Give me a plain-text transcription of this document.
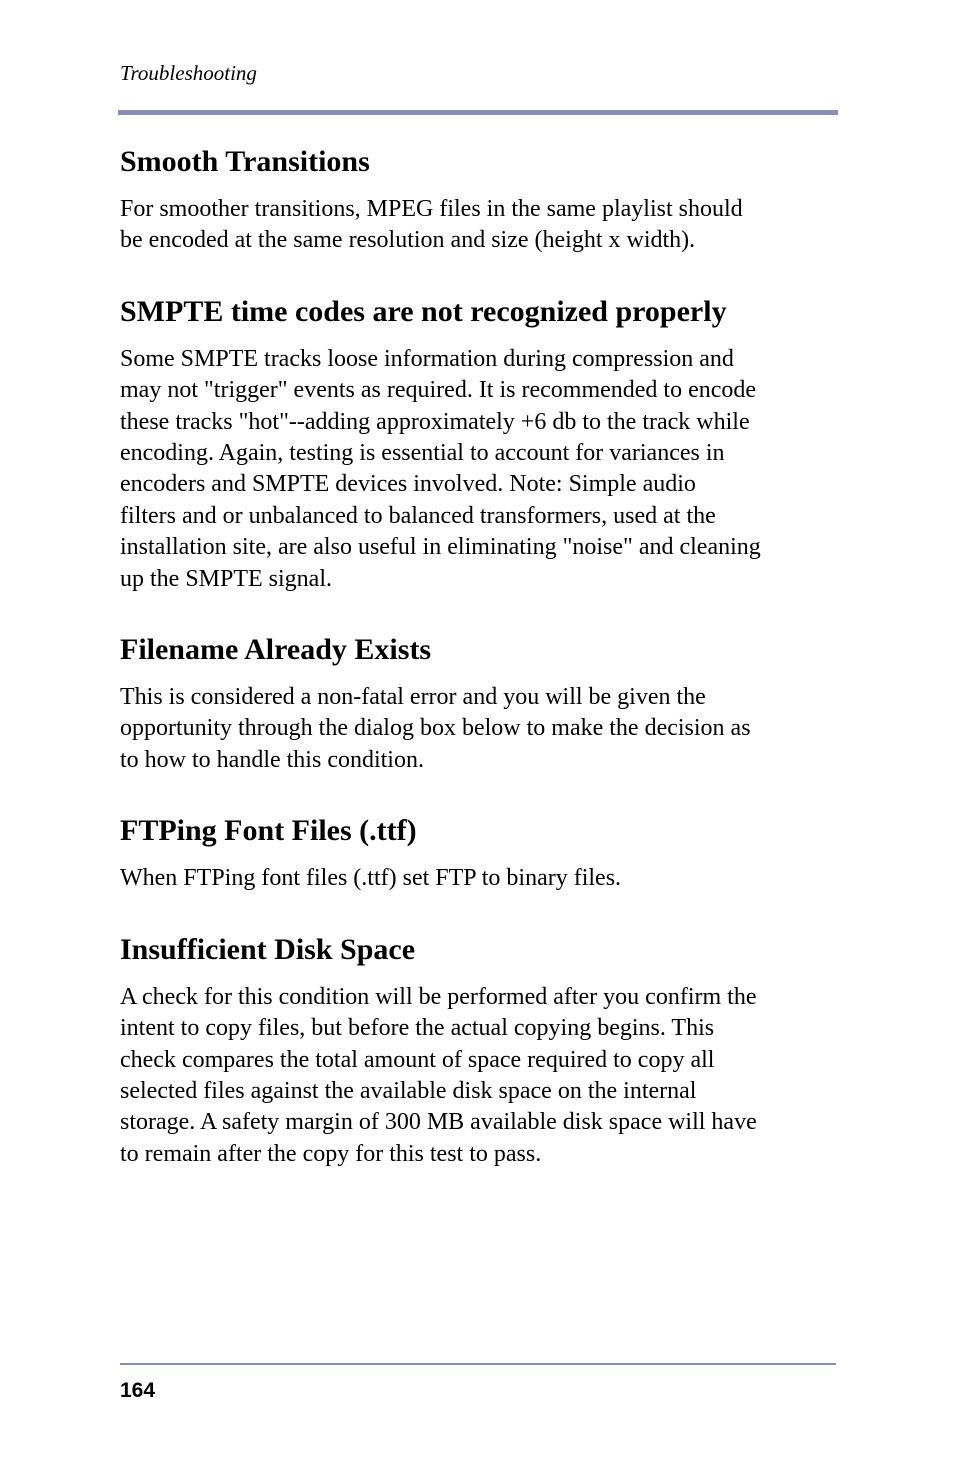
Troubleshooting
Smooth Transitions

For smoother transitions, MPEG files in the same playlist should
be encoded at the same resolution and size (height x width).

SMPTE time codes are not recognized properly

Some SMPTE tracks loose information during compression and
may not "trigger" events as required. It is recommended to encode
these tracks "hot"--adding approximately +6 db to the track while
encoding. Again, testing is essential to account for variances in
encoders and SMPTE devices involved. Note: Simple audio
filters and or unbalanced to balanced transformers, used at the
installation site, are also useful in eliminating "noise" and cleaning
up the SMPTE signal.

Filename Already Exists

This is considered a non-fatal error and you will be given the
opportunity through the dialog box below to make the decision as
to how to handle this condition.

FTPing Font Files (.ttf)

When FTPing font files (.ttf) set FTP to binary files.

Insufficient Disk Space

A check for this condition will be performed after you confirm the
intent to copy files, but before the actual copying begins. This
check compares the total amount of space required to copy all
selected files against the available disk space on the internal
storage. A safety margin of 300 MB available disk space will have
to remain after the copy for this test to pass.

164
